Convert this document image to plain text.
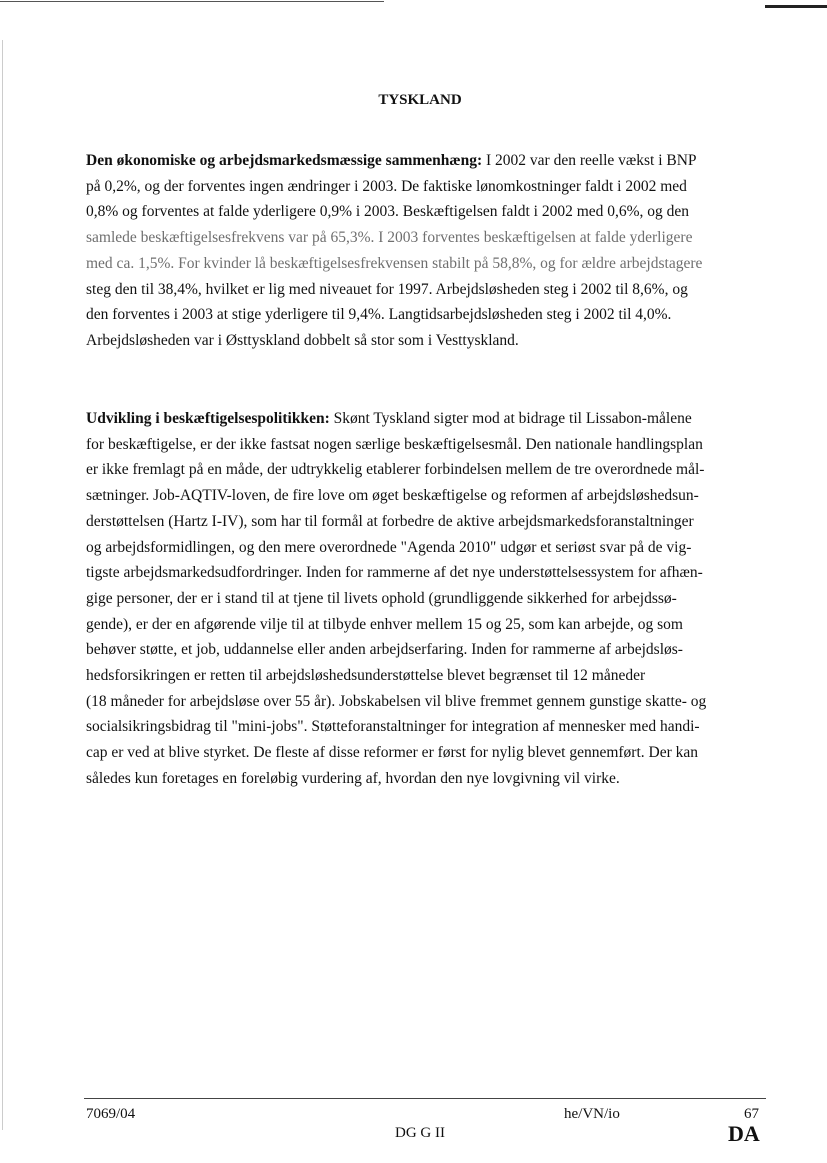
TYSKLAND
Den økonomiske og arbejdsmarkedsmæssige sammenhæng: I 2002 var den reelle vækst i BNP
på 0,2%, og der forventes ingen ændringer i 2003. De faktiske lønomkostninger faldt i 2002 med
0,8% og forventes at falde yderligere 0,9% i 2003. Beskæftigelsen faldt i 2002 med 0,6%, og den
samlede beskæftigelsesfrekvens var på 65,3%. I 2003 forventes beskæftigelsen at falde yderligere
med ca. 1,5%. For kvinder lå beskæftigelsesfrekvensen stabilt på 58,8%, og for ældre arbejdstagere
steg den til 38,4%, hvilket er lig med niveauet for 1997. Arbejdsløsheden steg i 2002 til 8,6%, og
den forventes i 2003 at stige yderligere til 9,4%. Langtidsarbejdsløsheden steg i 2002 til 4,0%.
Arbejdsløsheden var i Østtyskland dobbelt så stor som i Vesttyskland.
Udvikling i beskæftigelsespolitikken: Skønt Tyskland sigter mod at bidrage til Lissabon-målene
for beskæftigelse, er der ikke fastsat nogen særlige beskæftigelsesmål. Den nationale handlingsplan
er ikke fremlagt på en måde, der udtrykkelig etablerer forbindelsen mellem de tre overordnede mål-
sætninger. Job-AQTIV-loven, de fire love om øget beskæftigelse og reformen af arbejdsløshedsun-
derstøttelsen (Hartz I-IV), som har til formål at forbedre de aktive arbejdsmarkedsforanstaltninger
og arbejdsformidlingen, og den mere overordnede "Agenda 2010" udgør et seriøst svar på de vig-
tigste arbejdsmarkedsudfordringer. Inden for rammerne af det nye understøttelsessystem for afhæn-
gige personer, der er i stand til at tjene til livets ophold (grundliggende sikkerhed for arbejdssø-
gende), er der en afgørende vilje til at tilbyde enhver mellem 15 og 25, som kan arbejde, og som
behøver støtte, et job, uddannelse eller anden arbejdserfaring. Inden for rammerne af arbejdsløs-
hedsforsikringen er retten til arbejdsløshedsunderstøttelse blevet begrænset til 12 måneder
(18 måneder for arbejdsløse over 55 år). Jobskabelsen vil blive fremmet gennem gunstige skatte- og
socialsikringsbidrag til "mini-jobs". Støtteforanstaltninger for integration af mennesker med handi-
cap er ved at blive styrket. De fleste af disse reformer er først for nylig blevet gennemført. Der kan
således kun foretages en foreløbig vurdering af, hvordan den nye lovgivning vil virke.
7069/04	he/VN/io	67
DG G II	DA
